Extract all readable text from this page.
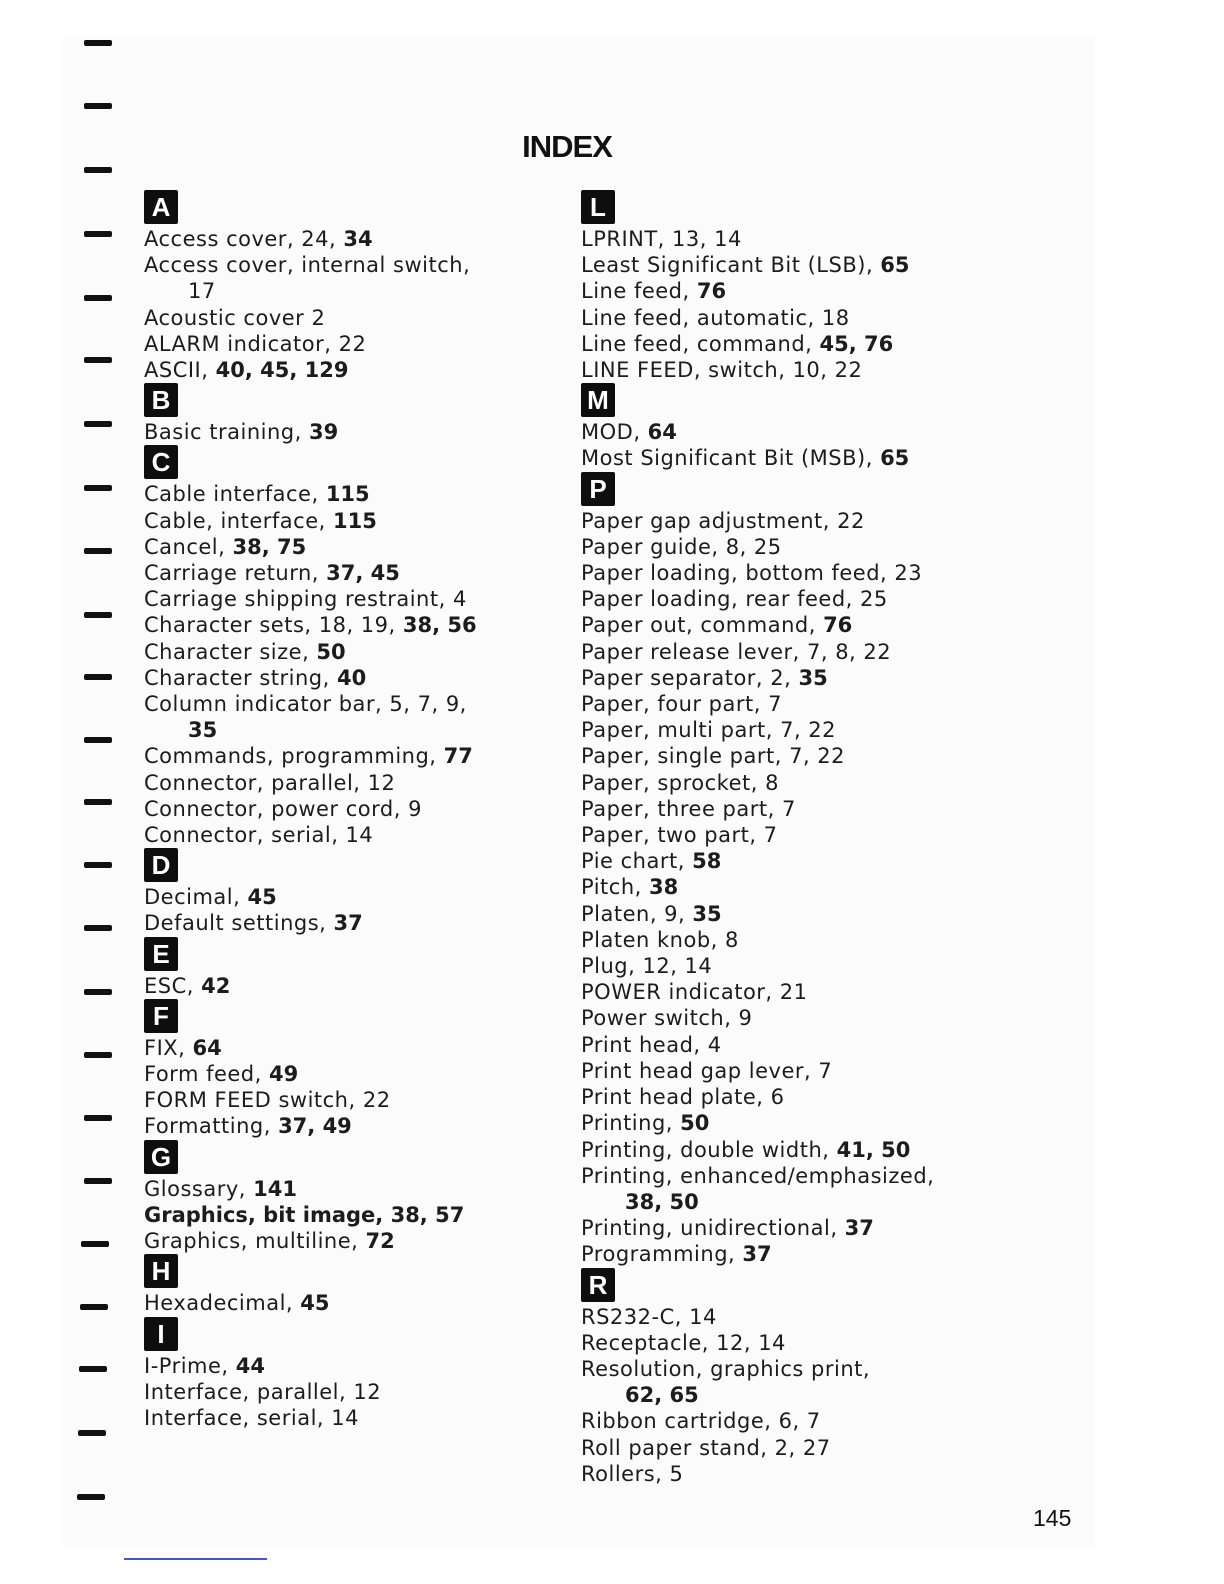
INDEX
A
Access cover, 24, 34
Access cover, internal switch,
17
Acoustic cover 2
ALARM indicator, 22
ASCII, 40, 45, 129
B
Basic training, 39
C
Cable interface, 115
Cable, interface, 115
Cancel, 38, 75
Carriage return, 37, 45
Carriage shipping restraint, 4
Character sets, 18, 19, 38, 56
Character size, 50
Character string, 40
Column indicator bar, 5, 7, 9,
35
Commands, programming, 77
Connector, parallel, 12
Connector, power cord, 9
Connector, serial, 14
D
Decimal, 45
Default settings, 37
E
ESC, 42
F
FIX, 64
Form feed, 49
FORM FEED switch, 22
Formatting, 37, 49
G
Glossary, 141
Graphics, bit image, 38, 57
Graphics, multiline, 72
H
Hexadecimal, 45
I
I-Prime, 44
Interface, parallel, 12
Interface, serial, 14
L
LPRINT, 13, 14
Least Significant Bit (LSB), 65
Line feed, 76
Line feed, automatic, 18
Line feed, command, 45, 76
LINE FEED, switch, 10, 22
M
MOD, 64
Most Significant Bit (MSB), 65
P
Paper gap adjustment, 22
Paper guide, 8, 25
Paper loading, bottom feed, 23
Paper loading, rear feed, 25
Paper out, command, 76
Paper release lever, 7, 8, 22
Paper separator, 2, 35
Paper, four part, 7
Paper, multi part, 7, 22
Paper, single part, 7, 22
Paper, sprocket, 8
Paper, three part, 7
Paper, two part, 7
Pie chart, 58
Pitch, 38
Platen, 9, 35
Platen knob, 8
Plug, 12, 14
POWER indicator, 21
Power switch, 9
Print head, 4
Print head gap lever, 7
Print head plate, 6
Printing, 50
Printing, double width, 41, 50
Printing, enhanced/emphasized,
38, 50
Printing, unidirectional, 37
Programming, 37
R
RS232-C, 14
Receptacle, 12, 14
Resolution, graphics print,
62, 65
Ribbon cartridge, 6, 7
Roll paper stand, 2, 27
Rollers, 5
145
